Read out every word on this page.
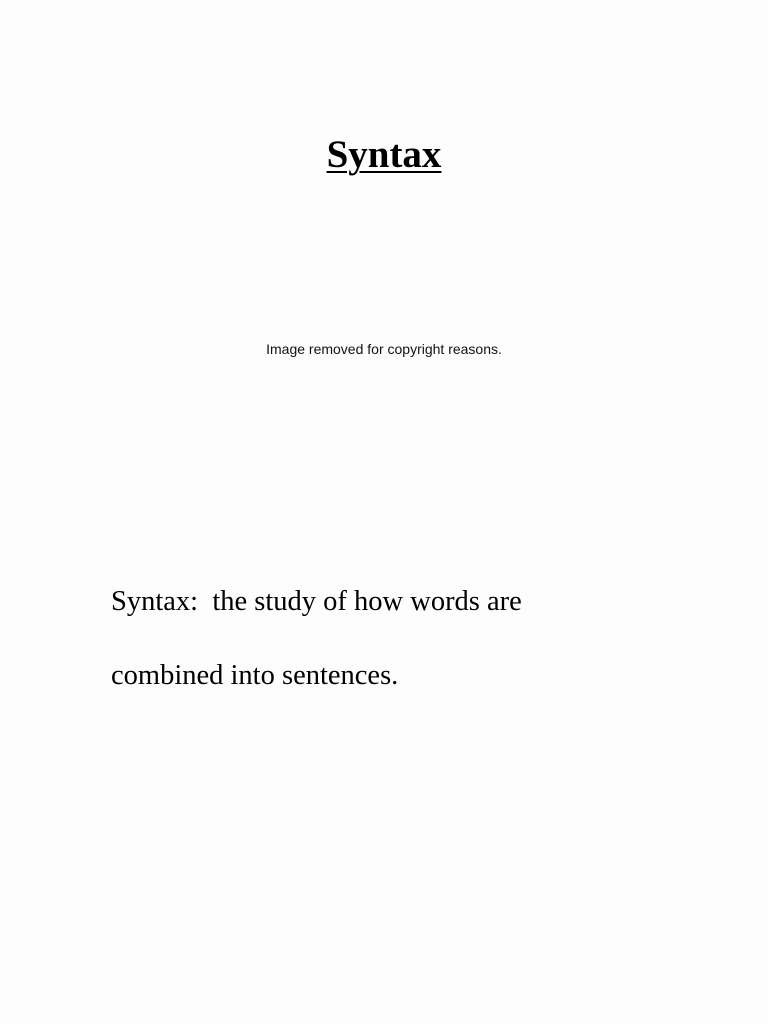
Syntax
Image removed for copyright reasons.

Syntax:  the study of how words are

combined into sentences.
